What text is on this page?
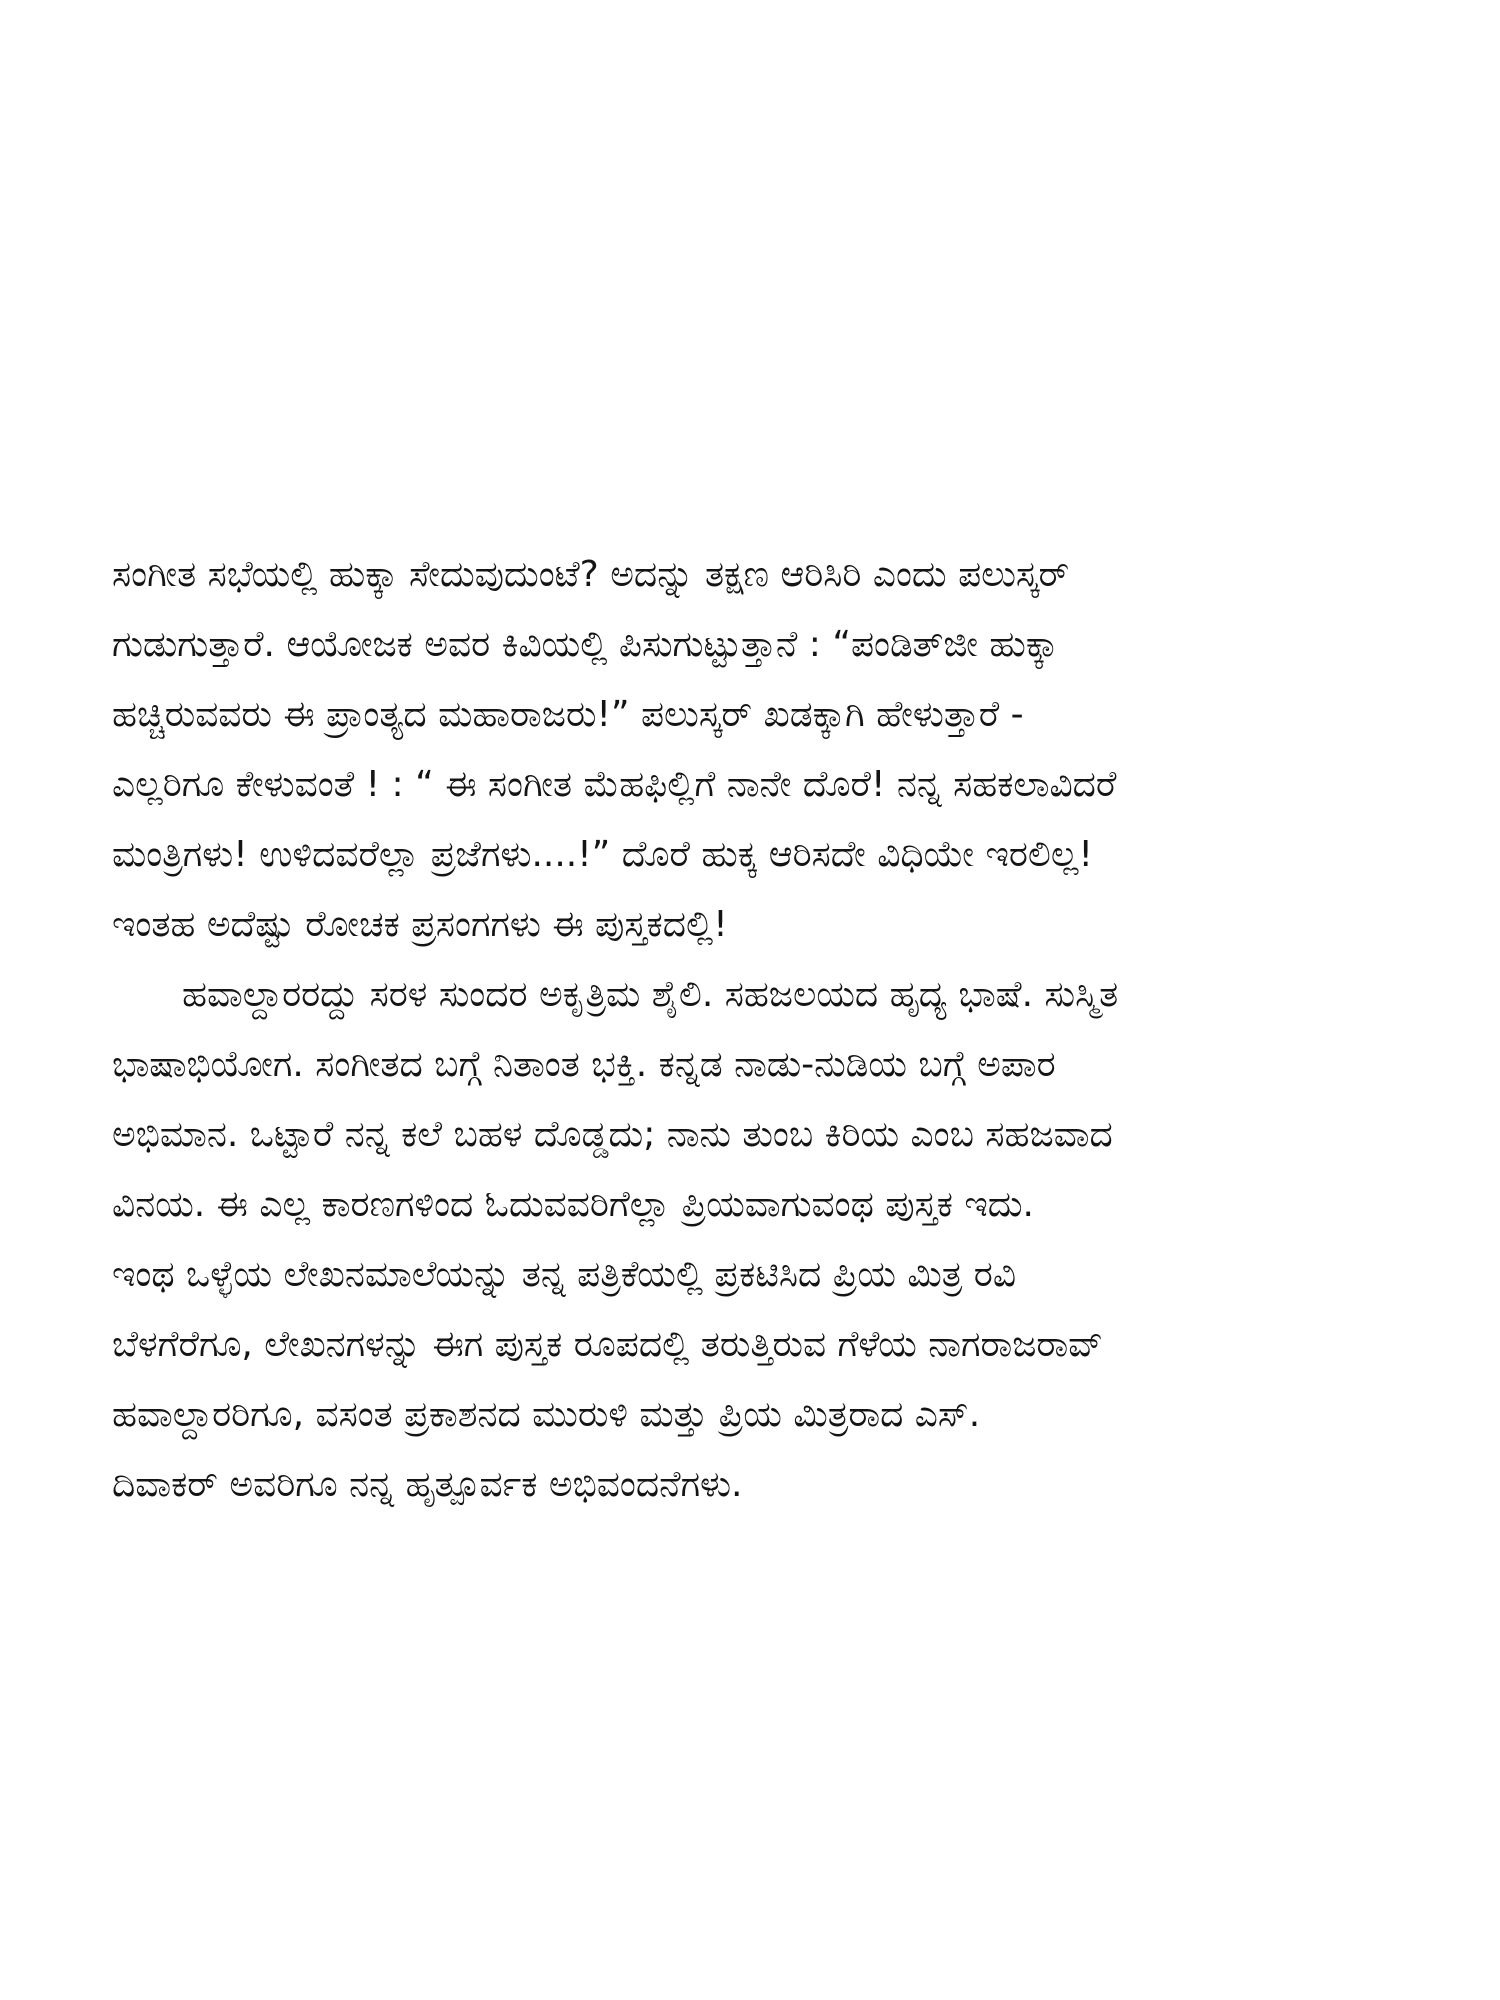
ಸಂಗೀತ ಸಭೆಯಲ್ಲಿ ಹುಕ್ಕಾ ಸೇದುವುದುಂಟೆ? ಅದನ್ನು ತಕ್ಷಣ ಆರಿಸಿರಿ ಎಂದು ಪಲುಸ್ಕರ್
ಗುಡುಗುತ್ತಾರೆ. ಆಯೋಜಕ ಅವರ ಕಿವಿಯಲ್ಲಿ ಪಿಸುಗುಟ್ಟುತ್ತಾನೆ : “ಪಂಡಿತ್‌ಜೀ ಹುಕ್ಕಾ
ಹಚ್ಚಿರುವವರು ಈ ಪ್ರಾಂತ್ಯದ ಮಹಾರಾಜರು!” ಪಲುಸ್ಕರ್ ಖಡಕ್ಕಾಗಿ ಹೇಳುತ್ತಾರೆ -
ಎಲ್ಲರಿಗೂ ಕೇಳುವಂತೆ ! : “ ಈ ಸಂಗೀತ ಮೆಹಫಿಲ್ಲಿಗೆ ನಾನೇ ದೊರೆ! ನನ್ನ ಸಹಕಲಾವಿದರೆ
ಮಂತ್ರಿಗಳು! ಉಳಿದವರೆಲ್ಲಾ ಪ್ರಜೆಗಳು....!” ದೊರೆ ಹುಕ್ಕ ಆರಿಸದೇ ವಿಧಿಯೇ ಇರಲಿಲ್ಲ!
ಇಂತಹ ಅದೆಷ್ಟು ರೋಚಕ ಪ್ರಸಂಗಗಳು ಈ ಪುಸ್ತಕದಲ್ಲಿ!
ಹವಾಲ್ದಾರರದ್ದು ಸರಳ ಸುಂದರ ಅಕೃತ್ರಿಮ ಶೈಲಿ. ಸಹಜಲಯದ ಹೃದ್ಯ ಭಾಷೆ. ಸುಸ್ಮಿತ
ಭಾಷಾಭಿಯೋಗ. ಸಂಗೀತದ ಬಗ್ಗೆ ನಿತಾಂತ ಭಕ್ತಿ. ಕನ್ನಡ ನಾಡು-ನುಡಿಯ ಬಗ್ಗೆ ಅಪಾರ
ಅಭಿಮಾನ. ಒಟ್ಟಾರೆ ನನ್ನ ಕಲೆ ಬಹಳ ದೊಡ್ಡದು; ನಾನು ತುಂಬ ಕಿರಿಯ ಎಂಬ ಸಹಜವಾದ
ವಿನಯ. ಈ ಎಲ್ಲ ಕಾರಣಗಳಿಂದ ಓದುವವರಿಗೆಲ್ಲಾ ಪ್ರಿಯವಾಗುವಂಥ ಪುಸ್ತಕ ಇದು.
ಇಂಥ ಒಳ್ಳೆಯ ಲೇಖನಮಾಲೆಯನ್ನು ತನ್ನ ಪತ್ರಿಕೆಯಲ್ಲಿ ಪ್ರಕಟಿಸಿದ ಪ್ರಿಯ ಮಿತ್ರ ರವಿ
ಬೆಳಗೆರೆಗೂ, ಲೇಖನಗಳನ್ನು ಈಗ ಪುಸ್ತಕ ರೂಪದಲ್ಲಿ ತರುತ್ತಿರುವ ಗೆಳೆಯ ನಾಗರಾಜರಾವ್
ಹವಾಲ್ದಾರರಿಗೂ, ವಸಂತ ಪ್ರಕಾಶನದ ಮುರುಳಿ ಮತ್ತು ಪ್ರಿಯ ಮಿತ್ರರಾದ ಎಸ್.
ದಿವಾಕರ್ ಅವರಿಗೂ ನನ್ನ ಹೃತ್ಪೂರ್ವಕ ಅಭಿವಂದನೆಗಳು.
